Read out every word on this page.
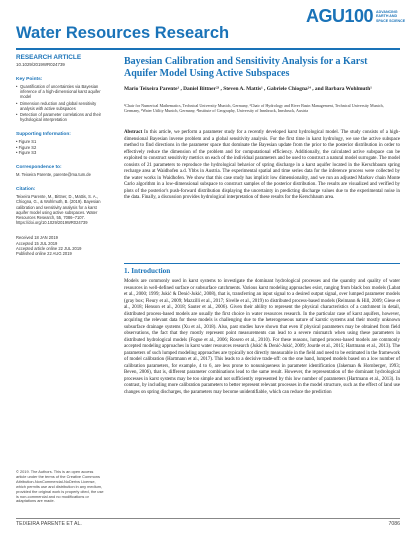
AGU100 ADVANCING
EARTH AND
SPACE SCIENCE
Water Resources Research
RESEARCH ARTICLE
10.1029/2019WR024739
Key Points:
• Quantification of uncertainties via Bayesian inference of a high-dimensional karst aquifer model
• Dimension reduction and global sensitivity analysis with active subspaces
• Detection of parameter correlations and their hydrological interpretation
Supporting Information:
• Figure S1
• Figure S2
• Figure S3
Correspondence to:
M. Teixeira Parente, parente@ma.tum.de
Citation:
Teixeira Parente, M., Bittner, D., Mattis, S. A., Chiogna, G., & Wohlmuth, B. (2019). Bayesian calibration and sensitivity analysis for a karst aquifer model using active subspaces. Water Resources Research, 55, 7086–7107. https://doi.org/10.1029/2019WR024739
Received 18 JAN 2019
Accepted 15 JUL 2019
Accepted article online 22 JUL 2019
Published online 22 AUG 2019
Bayesian Calibration and Sensitivity Analysis for a Karst Aquifer Model Using Active Subspaces
Mario Teixeira Parente¹ , Daniel Bittner²³ , Steven A. Mattis¹ , Gabriele Chiogna²⁴ , and Barbara Wohlmuth¹
¹Chair for Numerical Mathematics, Technical University Munich, Germany, ²Chair of Hydrology and River Basin Management, Technical University Munich, Germany, ³Water Utility Munich, Germany, ⁴Institute of Geography, University of Innsbruck, Innsbruck, Austria
Abstract In this article, we perform a parameter study for a recently developed karst hydrological model. The study consists of a high-dimensional Bayesian inverse problem and a global sensitivity analysis. For the first time in karst hydrology, we use the active subspace method to find directions in the parameter space that dominate the Bayesian update from the prior to the posterior distribution in order to effectively reduce the dimension of the problem and for computational efficiency. Additionally, the calculated active subspace can be exploited to construct sensitivity metrics on each of the individual parameters and be used to construct a natural model surrogate. The model consists of 21 parameters to reproduce the hydrological behavior of spring discharge in a karst aquifer located in the Kerschbaum spring recharge area at Waidhofen a.d. Ybbs in Austria. The experimental spatial and time series data for the inference process were collected by the water works in Waidhofen. We show that this case study has implicit low dimensionality, and we run an adjusted Markov chain Monte Carlo algorithm in a low-dimensional subspace to construct samples of the posterior distribution. The results are visualized and verified by plots of the posterior's push-forward distribution displaying the uncertainty in predicting discharge values due to the experimental noise in the data. Finally, a discussion provides hydrological interpretation of these results for the Kerschbaum area.
1. Introduction
Models are commonly used in karst systems to investigate the dominant hydrological processes and the quantity and quality of water resources in well-defined surface or subsurface catchments. Various karst modeling approaches exist, ranging from black box models (Labat et al., 2000; 1999; Jukić & Denić-Jukić, 2008), that is, transferring an input signal to a desired output signal, over lumped parameter models (gray box; Fleury et al., 2009; Mazzilli et al., 2017; Sivelle et al., 2019) to distributed process-based models (Reimann & Hill, 2009; Giese et al., 2018; Henson et al., 2018; Sauter et al., 2006). Given their ability to represent the physical characteristics of a catchment in detail, distributed process-based models are usually the first choice in water resources research. In the particular case of karst aquifers, however, acquiring the relevant data for these models is challenging due to the heterogeneous nature of karstic systems and their mostly unknown subsurface drainage systems (Xu et al., 2018). Also, past studies have shown that even if physical parameters may be obtained from field observations, the fact that they mostly represent point measurements can lead to a severe mismatch when using these parameters in distributed hydrological models (Fogue et al., 2006; Rosero et al., 2010). For these reasons, lumped process-based models are commonly accepted modeling approaches in karst water resources research (Jukić & Denić-Jukić, 2009; Jourde et al., 2015; Hartmann et al., 2013). The parameters of such lumped modeling approaches are typically not directly measurable in the field and need to be estimated in the framework of model calibration (Hartmann et al., 2017). This leads to a decisive trade-off: on the one hand, lumped models based on a low number of calibration parameters, for example, 4 to 6, are less prone to nonuniqueness in parameter identification (Jakeman & Hornberger, 1993; Beven, 2006), that is, different parameter combinations lead to the same result. However, the representation of the dominant hydrological processes in karst systems may be too simple and not sufficiently represented by this low number of parameters (Hartmann et al., 2013). In contrast, by including more calibration parameters to better represent relevant processes in the model structure, such as the effect of land use changes on spring discharges, the parameters may become unidentifiable, which can reduce the prediction
© 2019. The Authors. This is an open access article under the terms of the Creative Commons Attribution-NonCommercial-NoDerivs License, which permits use and distribution in any medium, provided the original work is properly cited, the use is non-commercial and no modifications or adaptations are made.
TEIXEIRA PARENTE ET AL.	7086
